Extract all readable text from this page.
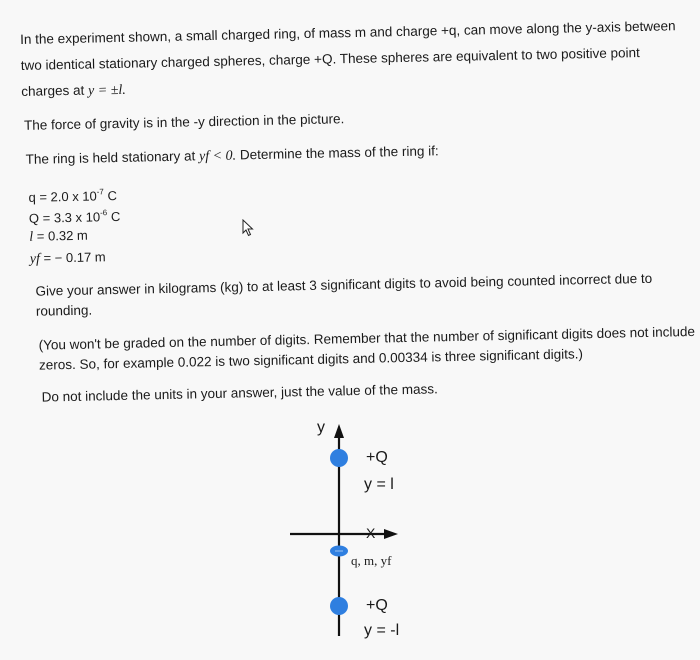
In the experiment shown, a small charged ring, of mass m and charge +q, can move along the y-axis between
two identical stationary charged spheres, charge +Q. These spheres are equivalent to two positive point
charges at y = ±l.
The force of gravity is in the -y direction in the picture.
The ring is held stationary at yf < 0. Determine the mass of the ring if:
q = 2.0 x $10^{-7}$ C
Q = 3.3 x $10^{-6}$ C
l = 0.32 m
yf = − 0.17 m
Give your answer in kilograms (kg) to at least 3 significant digits to avoid being counted incorrect due to
rounding.
(You won't be graded on the number of digits. Remember that the number of significant digits does not include
zeros. So, for example 0.022 is two significant digits and 0.00334 is three significant digits.)
Do not include the units in your answer, just the value of the mass.
y
+Q
y = l
X
q, m, yf
+Q
y = -l
